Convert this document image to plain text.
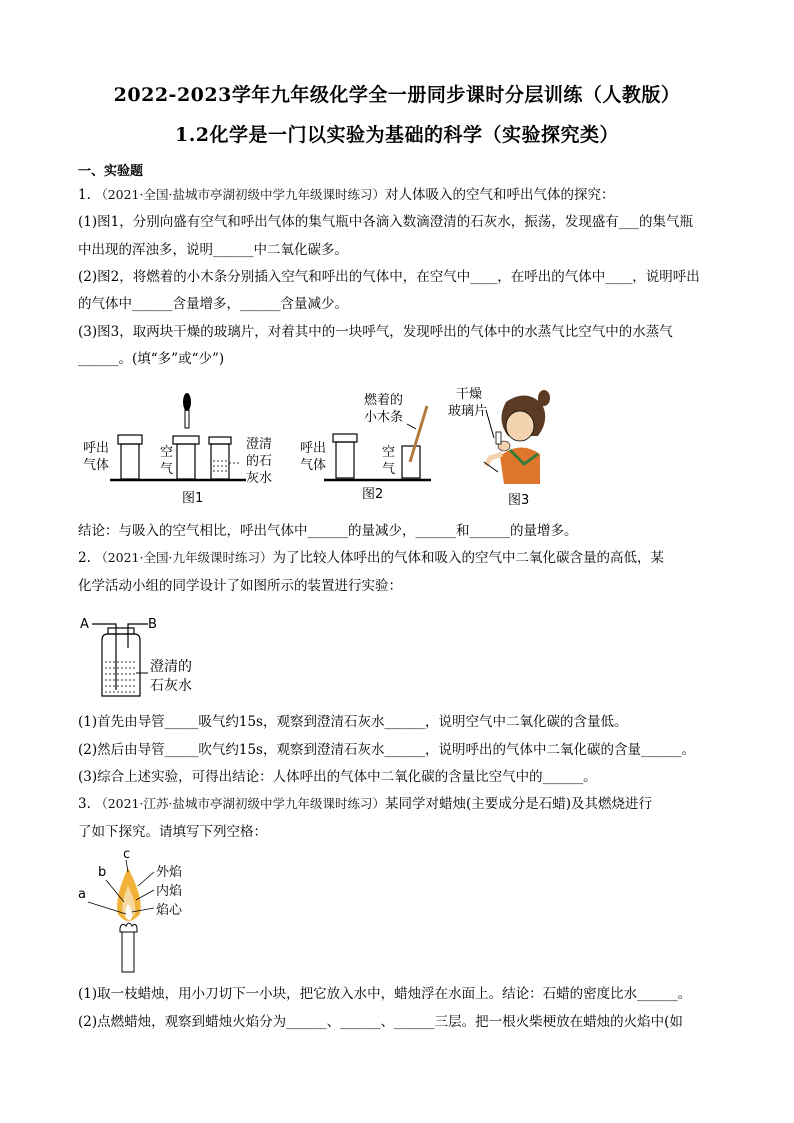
2022-2023学年九年级化学全一册同步课时分层训练（人教版）
1.2化学是一门以实验为基础的科学（实验探究类）
一、实验题
1. （2021·全国·盐城市亭湖初级中学九年级课时练习）对人体吸入的空气和呼出气体的探究：
(1)图1，分别向盛有空气和呼出气体的集气瓶中各滴入数滴澄清的石灰水，振荡，发现盛有___的集气瓶
中出现的浑浊多，说明______中二氧化碳多。
(2)图2，将燃着的小木条分别插入空气和呼出的气体中，在空气中____，在呼出的气体中____，说明呼出
的气体中______含量增多，______含量减少。
(3)图3，取两块干燥的玻璃片，对着其中的一块呼气，发现呼出的气体中的水蒸气比空气中的水蒸气
______。(填“多”或“少”)
呼出
气体
空
气
澄清
的石
灰水
图1
燃着的
小木条
呼出
气体
空
气
图2
干燥
玻璃片
图3
结论：与吸入的空气相比，呼出气体中______的量减少，______和______的量增多。
2. （2021·全国·九年级课时练习）为了比较人体呼出的气体和吸入的空气中二氧化碳含量的高低，某
化学活动小组的同学设计了如图所示的装置进行实验：
A	B
澄清的
石灰水
(1)首先由导管_____吸气约15s，观察到澄清石灰水______，说明空气中二氧化碳的含量低。
(2)然后由导管_____吹气约15s，观察到澄清石灰水______，说明呼出的气体中二氧化碳的含量______。
(3)综合上述实验，可得出结论：人体呼出的气体中二氧化碳的含量比空气中的______。
3. （2021·江苏·盐城市亭湖初级中学九年级课时练习）某同学对蜡烛(主要成分是石蜡)及其燃烧进行
了如下探究。请填写下列空格：
c
b
a
外焰
内焰
焰心
(1)取一枝蜡烛，用小刀切下一小块，把它放入水中，蜡烛浮在水面上。结论：石蜡的密度比水______。
(2)点燃蜡烛，观察到蜡烛火焰分为______、______、______三层。把一根火柴梗放在蜡烛的火焰中(如
